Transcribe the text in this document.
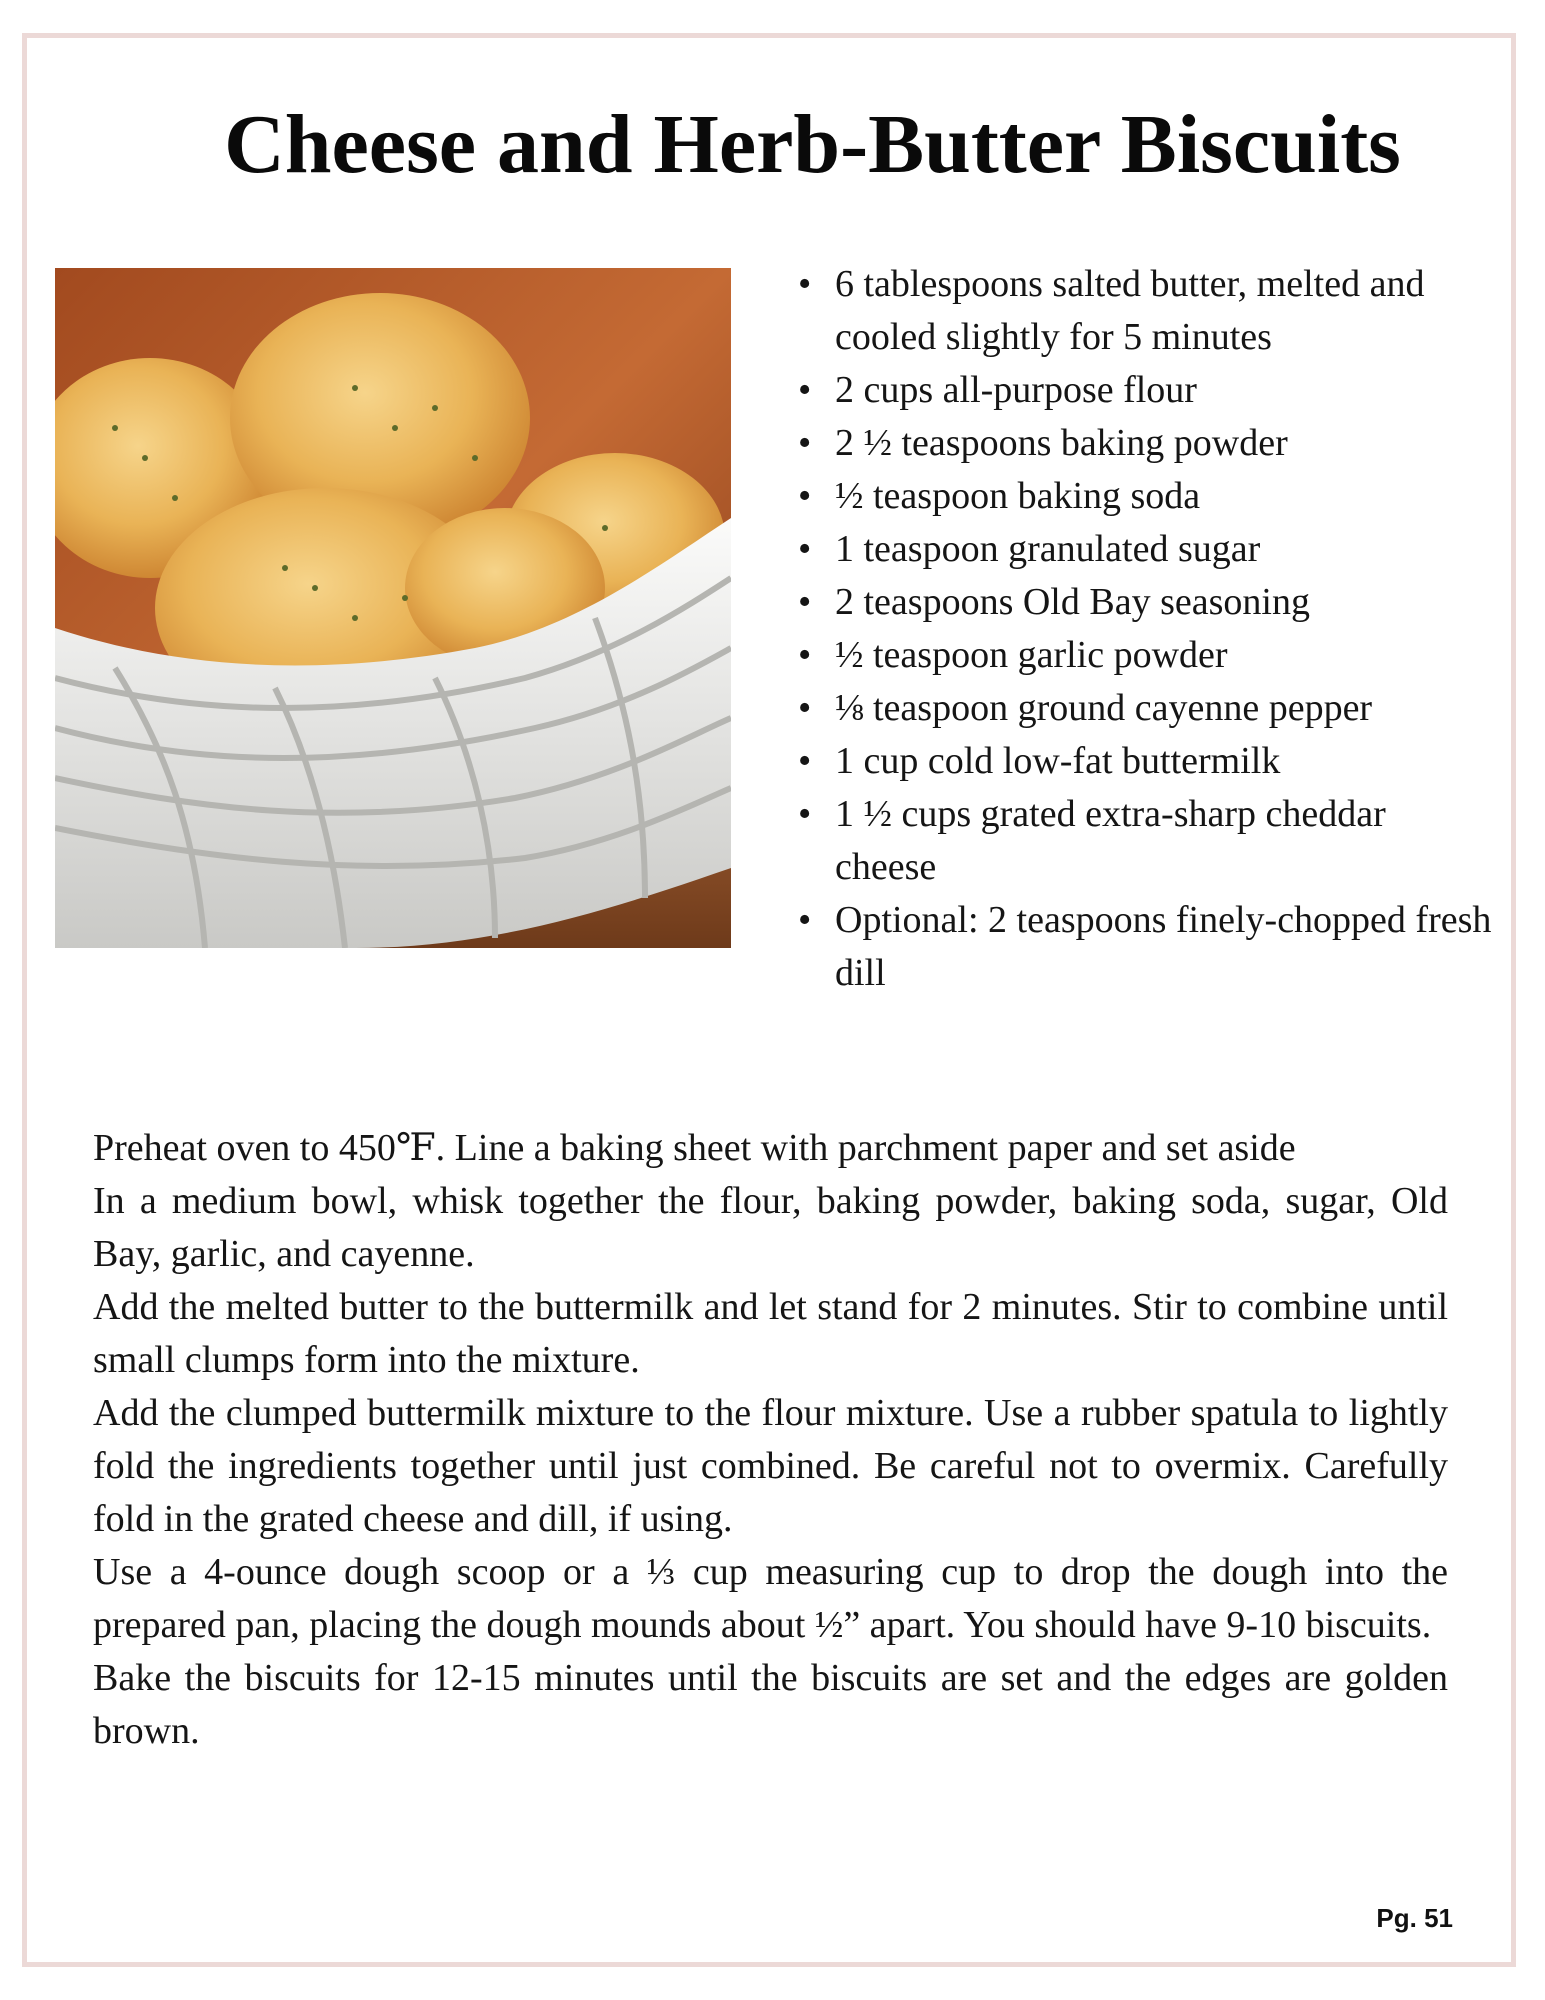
Cheese and Herb-Butter Biscuits
• 6 tablespoons salted butter, melted and cooled slightly for 5 minutes
• 2 cups all-purpose flour
• 2 ½ teaspoons baking powder
• ½ teaspoon baking soda
• 1 teaspoon granulated sugar
• 2 teaspoons Old Bay seasoning
• ½ teaspoon garlic powder
• ⅛ teaspoon ground cayenne pepper
• 1 cup cold low-fat buttermilk
• 1 ½ cups grated extra-sharp cheddar cheese
• Optional: 2 teaspoons finely-chopped fresh dill

Preheat oven to 450℉. Line a baking sheet with parchment paper and set aside

In a medium bowl, whisk together the flour, baking powder, baking soda, sugar, Old Bay, garlic, and cayenne.

Add the melted butter to the buttermilk and let stand for 2 minutes. Stir to combine until small clumps form into the mixture.

Add the clumped buttermilk mixture to the flour mixture. Use a rubber spatula to lightly fold the ingredients together until just combined. Be careful not to overmix. Carefully fold in the grated cheese and dill, if using.

Use a 4-ounce dough scoop or a ⅓ cup measuring cup to drop the dough into the prepared pan, placing the dough mounds about ½” apart. You should have 9-10 biscuits.

Bake the biscuits for 12-15 minutes until the biscuits are set and the edges are golden brown.

Pg. 51
